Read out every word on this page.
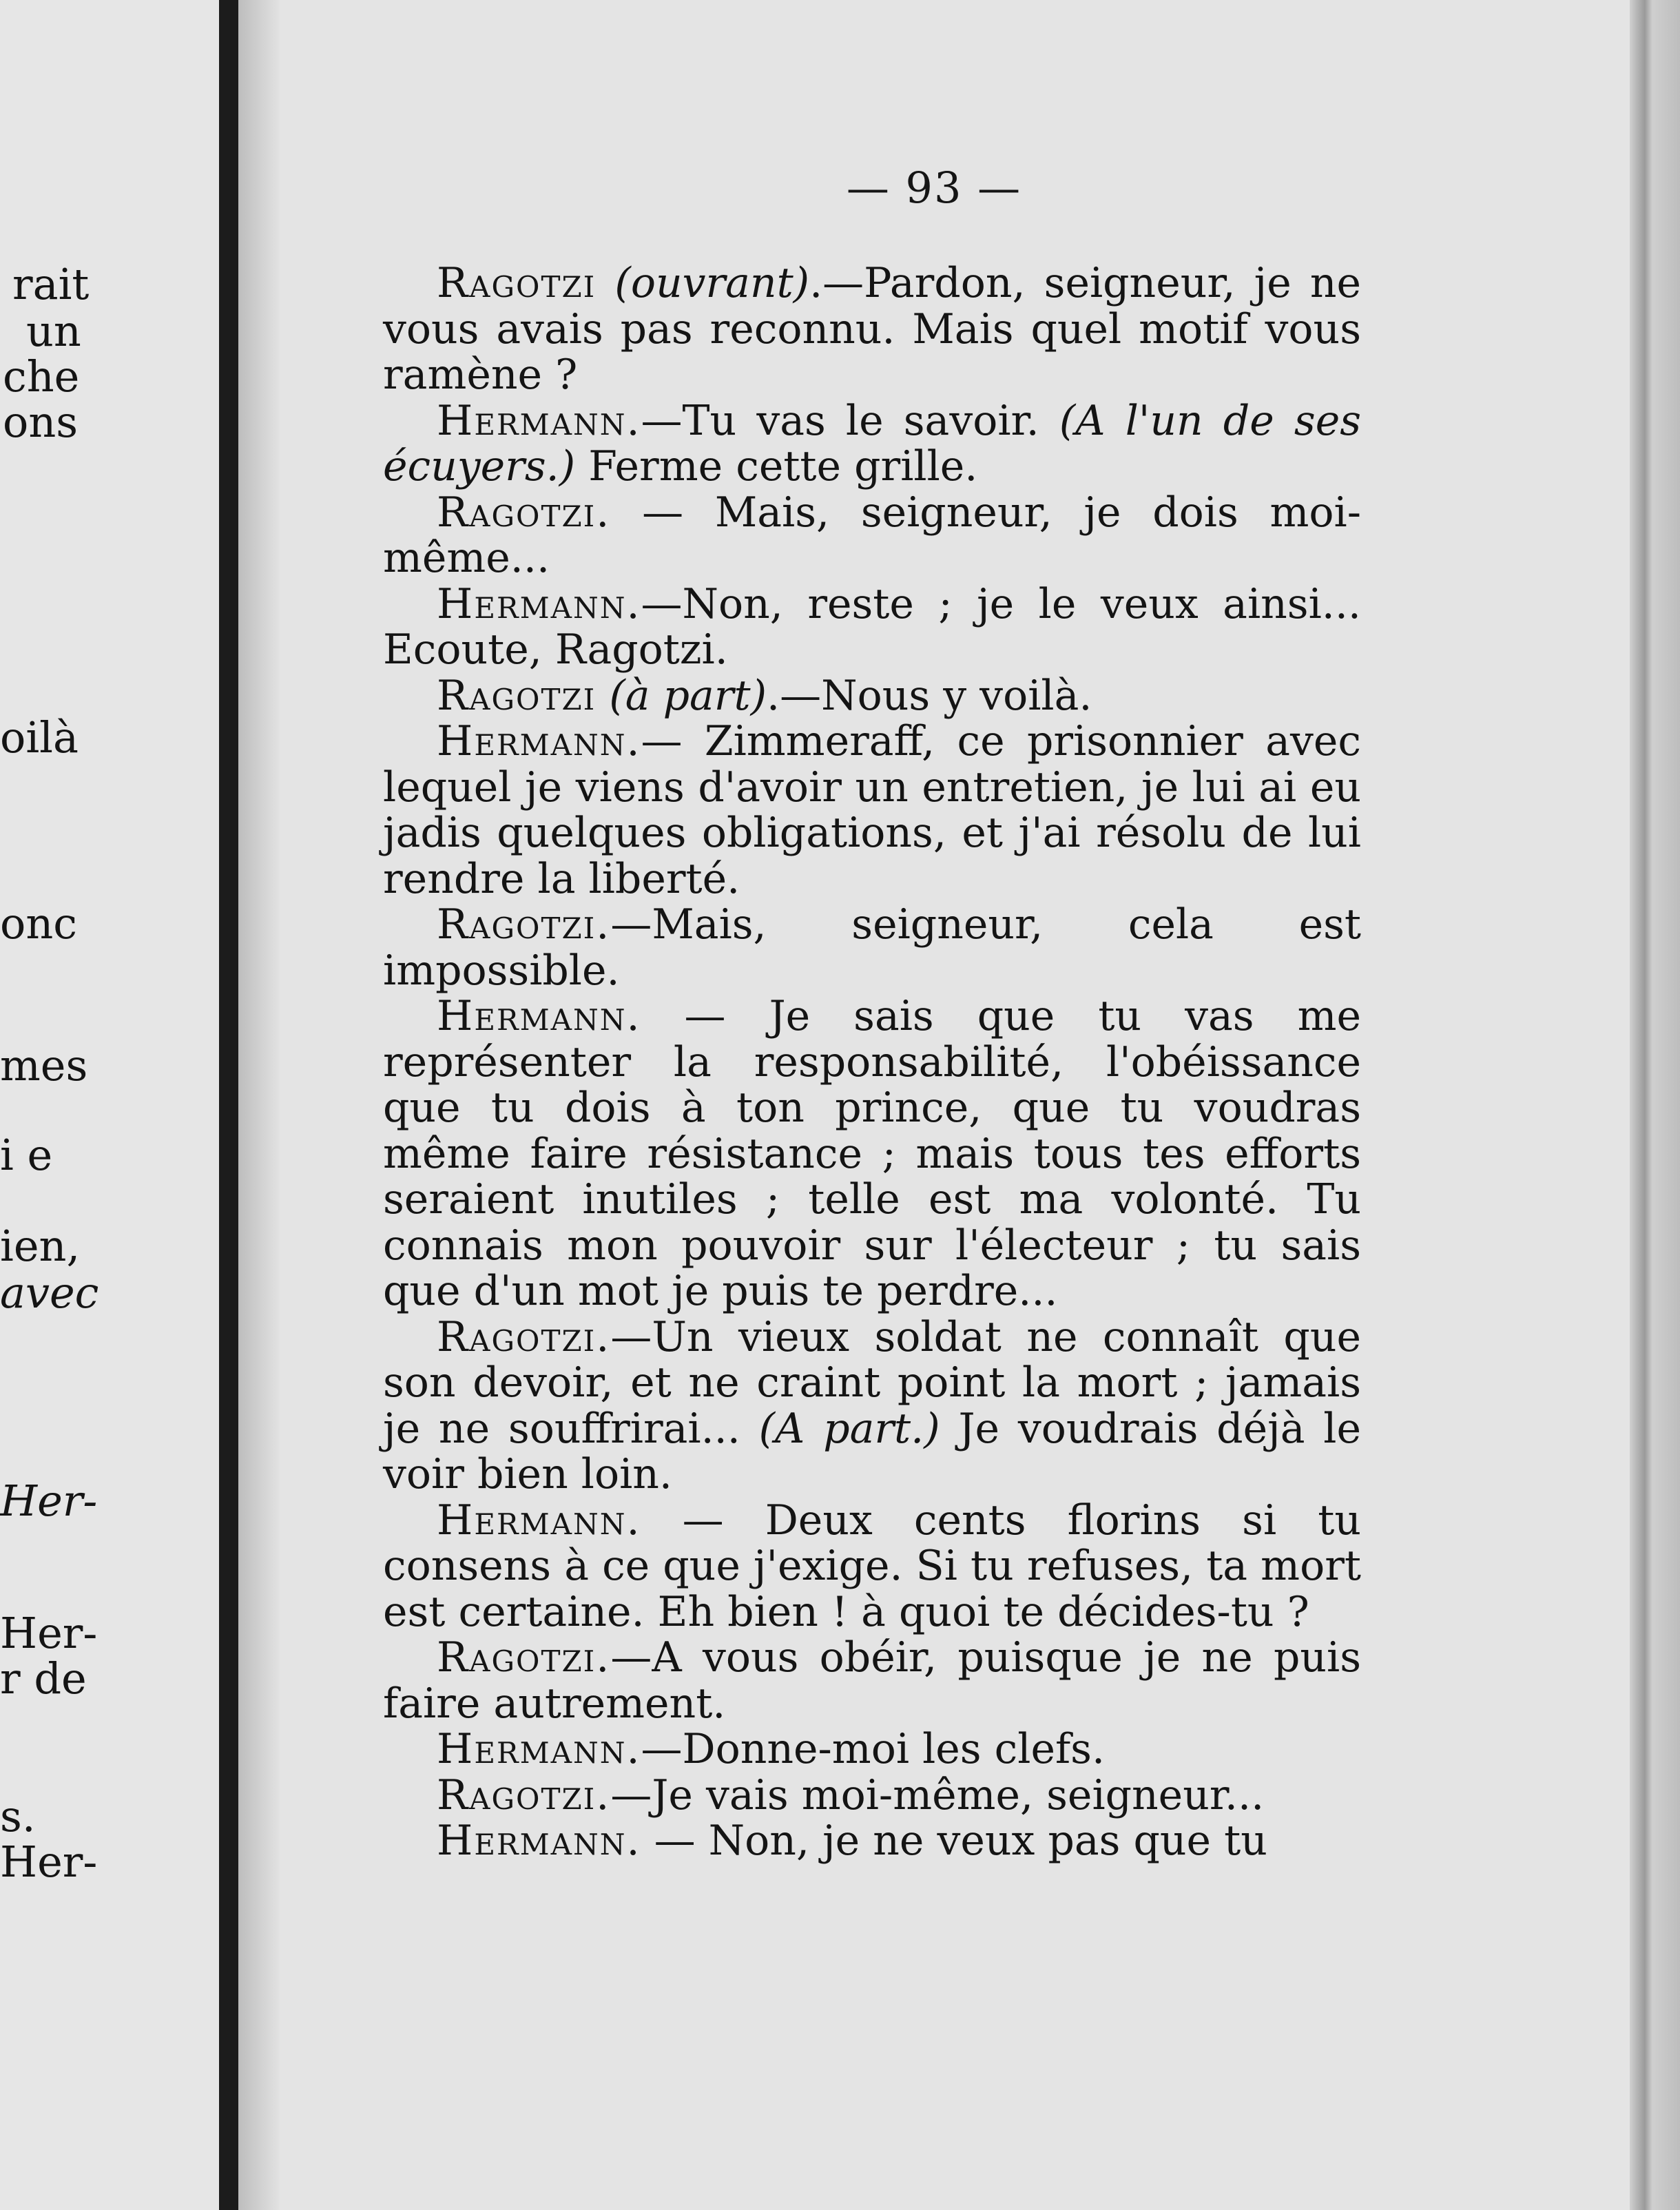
rait
un
che
ons
oilà
onc
mes
i e
ien,
avec
Her-
Her-
r de
s.
Her-
— 93 —

Ragotzi (ouvrant).—Pardon, seigneur, je ne vous avais pas reconnu. Mais quel motif vous ramène ?

Hermann.—Tu vas le savoir. (A l'un de ses écuyers.) Ferme cette grille.

Ragotzi. — Mais, seigneur, je dois moi-même...

Hermann.—Non, reste ; je le veux ainsi... Ecoute, Ragotzi.

Ragotzi (à part).—Nous y voilà.

Hermann.— Zimmeraff, ce prisonnier avec lequel je viens d'avoir un entretien, je lui ai eu jadis quelques obligations, et j'ai résolu de lui rendre la liberté.

Ragotzi.—Mais, seigneur, cela est impossible.

Hermann. — Je sais que tu vas me représenter la responsabilité, l'obéissance que tu dois à ton prince, que tu voudras même faire résistance ; mais tous tes efforts seraient inutiles ; telle est ma volonté. Tu connais mon pouvoir sur l'électeur ; tu sais que d'un mot je puis te perdre...

Ragotzi.—Un vieux soldat ne connaît que son devoir, et ne craint point la mort ; jamais je ne souffrirai... (A part.) Je voudrais déjà le voir bien loin.

Hermann. — Deux cents florins si tu consens à ce que j'exige. Si tu refuses, ta mort est certaine. Eh bien ! à quoi te décides-tu ?

Ragotzi.—A vous obéir, puisque je ne puis faire autrement.

Hermann.—Donne-moi les clefs.

Ragotzi.—Je vais moi-même, seigneur...

Hermann. — Non, je ne veux pas que tu
